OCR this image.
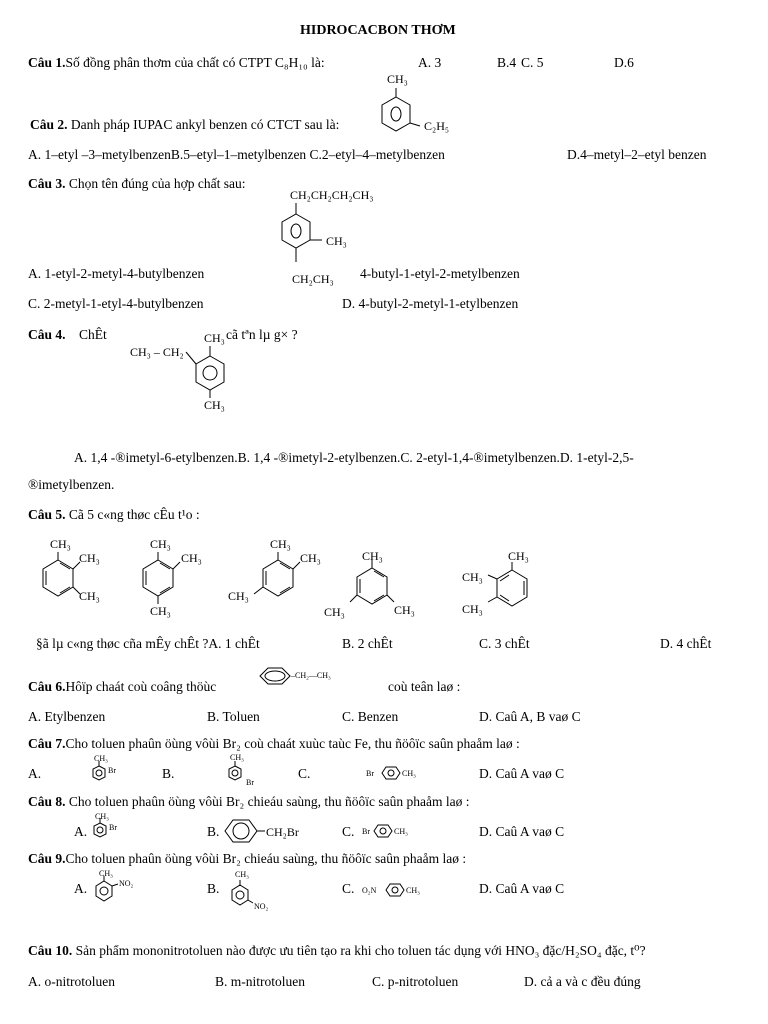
HIDROCACBON THƠM
Câu 1.Số đồng phân thơm của chất có CTPT C₈H₁₀ là:	A. 3	B.4 C. 5	D.6
CH₃
Câu 2. Danh pháp IUPAC ankyl benzen có CTCT sau là:	C₂H₅
A. 1–etyl –3–metylbenzenB.5–etyl–1–metylbenzen C.2–etyl–4–metylbenzen	D.4–metyl–2–etyl benzen
Câu 3. Chọn tên đúng của hợp chất sau:
CH₂CH₂CH₂CH₃
CH₃
A. 1-etyl-2-metyl-4-butylbenzen	CH₂CH₃ 4-butyl-1-etyl-2-metylbenzen
C. 2-metyl-1-etyl-4-butylbenzen	D. 4-butyl-2-metyl-1-etylbenzen
Câu 4. ChÊt	CH₃ cã tªn lµ g× ?
CH₃ – CH₂
CH₃
A. 1,4 -®imetyl-6-etylbenzen.B. 1,4 -®imetyl-2-etylbenzen.C. 2-etyl-1,4-®imetylbenzen.D. 1-etyl-2,5-
®imetylbenzen.
Câu 5. Cã 5 c«ng thøc cÊu t¹o :
CH₃
CH₃
CH₃
CH₃
CH₃
CH₃
CH₃
CH₃
CH₃
CH₃
CH₃	CH₃
CH₃
CH₃
CH₃
§ã lµ c«ng thøc cña mÊy chÊt ?A. 1 chÊt	B. 2 chÊt	C. 3 chÊt	D. 4 chÊt
Câu 6.Hôïp chaát coù coâng thöùc
–CH₂—CH₃
coù teân laø :
A. Etylbenzen	B. Toluen	C. Benzen	D. Caû A, B vaø C
Câu 7.Cho toluen phaûn öùng vôùi Br₂ coù chaát xuùc taùc Fe, thu ñöôïc saûn phaåm laø :
A.	B.	C.	D. Caû A vaø C
CH₃
Br
CH₃
Br
Br	CH₃
Câu 8. Cho toluen phaûn öùng vôùi Br₂ chieáu saùng, thu ñöôïc saûn phaåm laø :
A.	B.	C.	D. Caû A vaø C
CH₃
Br	CH₂Br	Br	CH₃
Câu 9.Cho toluen phaûn öùng vôùi Br₂ chieáu saùng, thu ñöôïc saûn phaåm laø :
A.	B.	C.	D. Caû A vaø C
CH₃
NO₂
CH₃
NO₂
O₂N	CH₃
Câu 10. Sản phẩm mononitrotoluen nào được ưu tiên tạo ra khi cho toluen tác dụng với HNO₃ đặc/H₂SO₄ đặc, t⁰?
A. o-nitrotoluen	B. m-nitrotoluen	C. p-nitrotoluen	D. cả a và c đều đúng
